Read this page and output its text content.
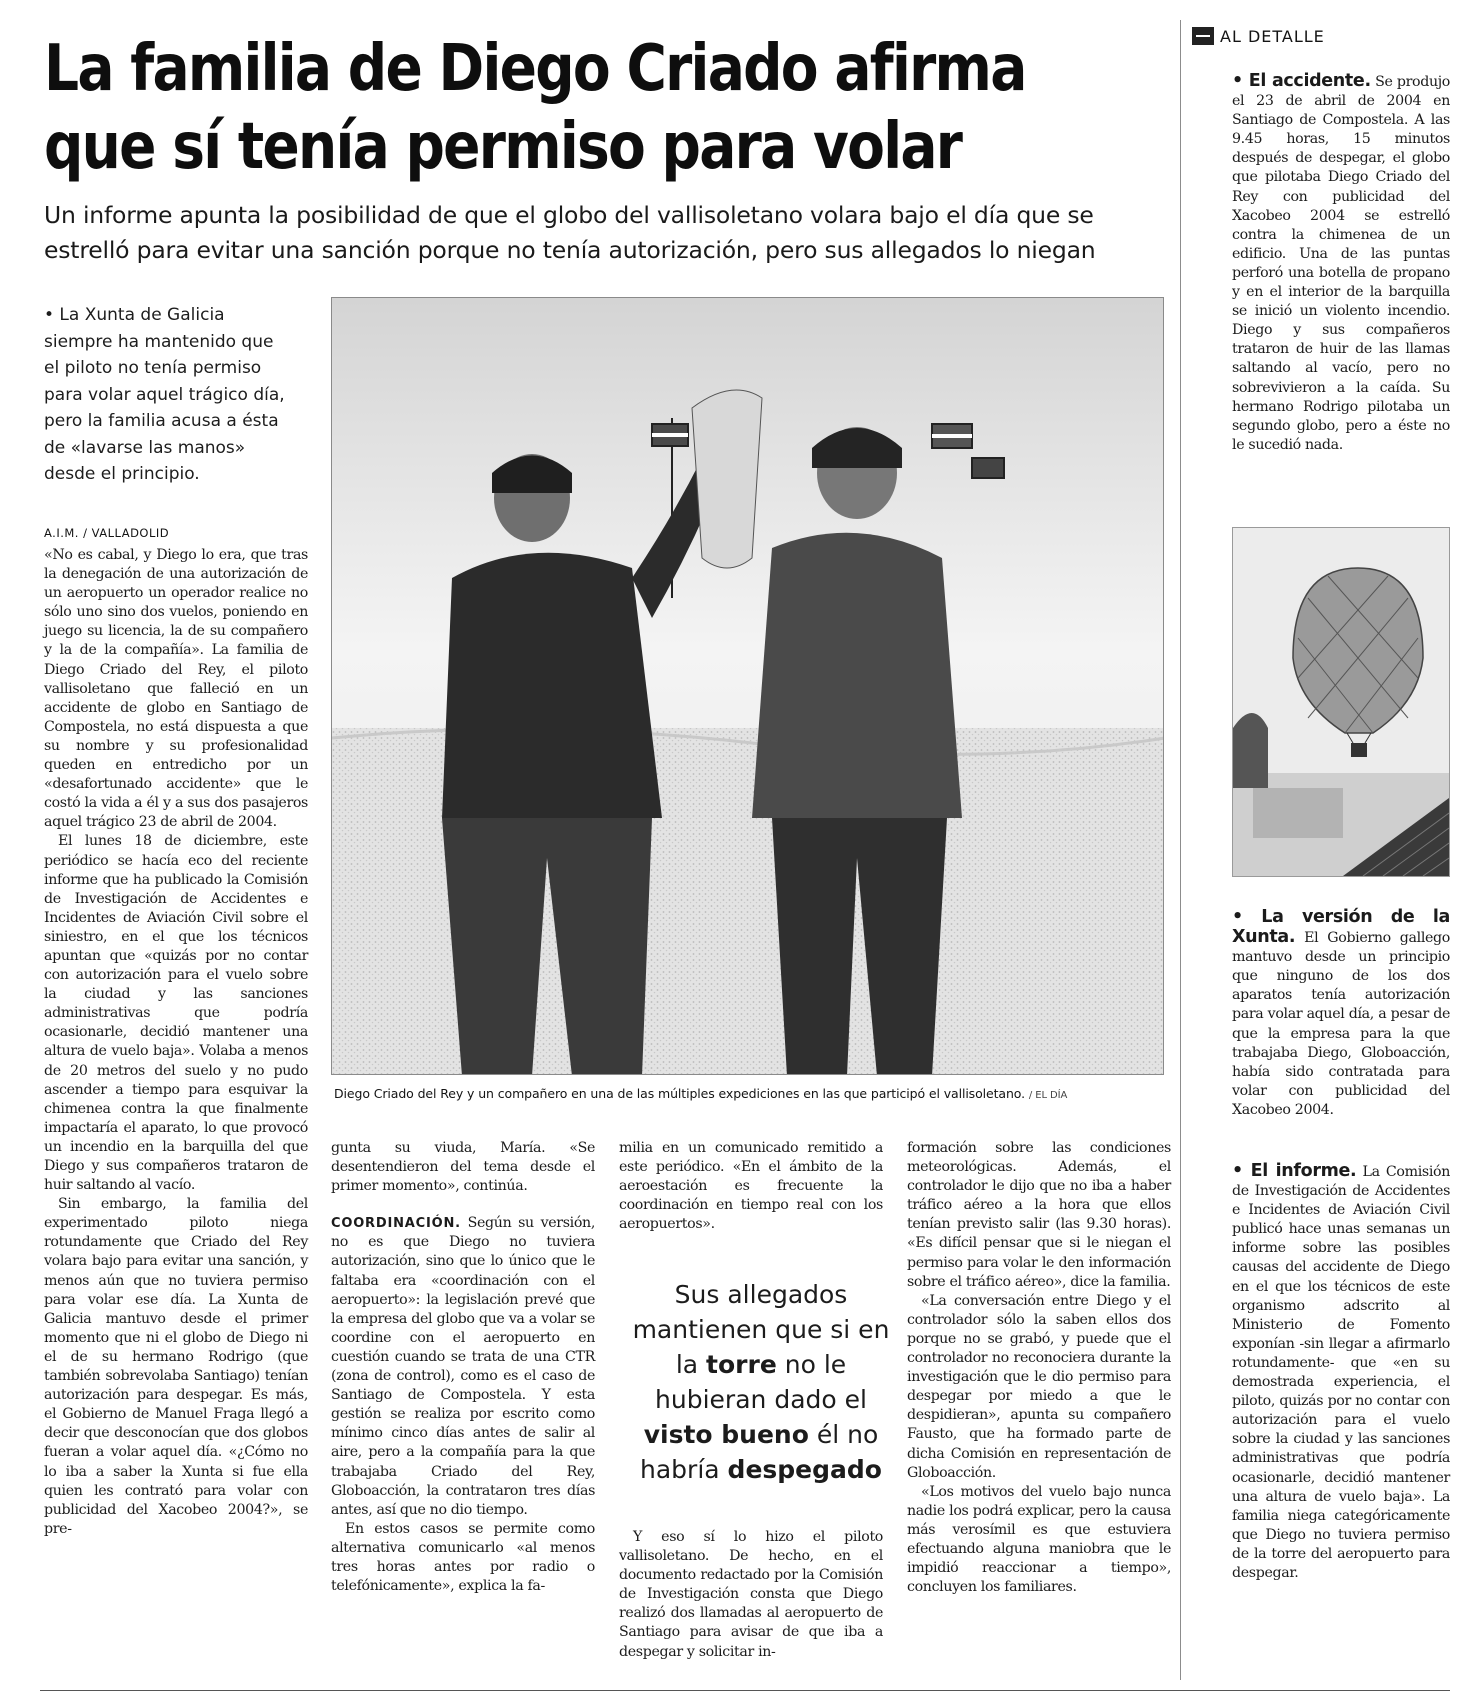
La familia de Diego Criado afirma que sí tenía permiso para volar

Un informe apunta la posibilidad de que el globo del vallisoletano volara bajo el día que se estrelló para evitar una sanción porque no tenía autorización, pero sus allegados lo niegan

• La Xunta de Galicia siempre ha mantenido que el piloto no tenía permiso para volar aquel trágico día, pero la familia acusa a ésta de «lavarse las manos» desde el principio.

A.I.M. / VALLADOLID

«No es cabal, y Diego lo era, que tras la denegación de una autorización de un aeropuerto un operador realice no sólo uno sino dos vuelos, poniendo en juego su licencia, la de su compañero y la de la compañía». La familia de Diego Criado del Rey, el piloto vallisoletano que falleció en un accidente de globo en Santiago de Compostela, no está dispuesta a que su nombre y su profesionalidad queden en entredicho por un «desafortunado accidente» que le costó la vida a él y a sus dos pasajeros aquel trágico 23 de abril de 2004.

El lunes 18 de diciembre, este periódico se hacía eco del reciente informe que ha publicado la Comisión de Investigación de Accidentes e Incidentes de Aviación Civil sobre el siniestro, en el que los técnicos apuntan que «quizás por no contar con autorización para el vuelo sobre la ciudad y las sanciones administrativas que podría ocasionarle, decidió mantener una altura de vuelo baja». Volaba a menos de 20 metros del suelo y no pudo ascender a tiempo para esquivar la chimenea contra la que finalmente impactaría el aparato, lo que provocó un incendio en la barquilla del que Diego y sus compañeros trataron de huir saltando al vacío.

Sin embargo, la familia del experimentado piloto niega rotundamente que Criado del Rey volara bajo para evitar una sanción, y menos aún que no tuviera permiso para volar ese día. La Xunta de Galicia mantuvo desde el primer momento que ni el globo de Diego ni el de su hermano Rodrigo (que también sobrevolaba Santiago) tenían autorización para despegar. Es más, el Gobierno de Manuel Fraga llegó a decir que desconocían que dos globos fueran a volar aquel día. «¿Cómo no lo iba a saber la Xunta si fue ella quien les contrató para volar con publicidad del Xacobeo 2004?», se pre-

Diego Criado del Rey y un compañero en una de las múltiples expediciones en las que participó el vallisoletano. / EL DÍA

gunta su viuda, María. «Se desentendieron del tema desde el primer momento», continúa.

COORDINACIÓN. Según su versión, no es que Diego no tuviera autorización, sino que lo único que le faltaba era «coordinación con el aeropuerto»: la legislación prevé que la empresa del globo que va a volar se coordine con el aeropuerto en cuestión cuando se trata de una CTR (zona de control), como es el caso de Santiago de Compostela. Y esta gestión se realiza por escrito como mínimo cinco días antes de salir al aire, pero a la compañía para la que trabajaba Criado del Rey, Globoacción, la contrataron tres días antes, así que no dio tiempo.

En estos casos se permite como alternativa comunicarlo «al menos tres horas antes por radio o telefónicamente», explica la fa-

milia en un comunicado remitido a este periódico. «En el ámbito de la aeroestación es frecuente la coordinación en tiempo real con los aeropuertos».

Sus allegados mantienen que si en la torre no le hubieran dado el visto bueno él no habría despegado

Y eso sí lo hizo el piloto vallisoletano. De hecho, en el documento redactado por la Comisión de Investigación consta que Diego realizó dos llamadas al aeropuerto de Santiago para avisar de que iba a despegar y solicitar in-

formación sobre las condiciones meteorológicas. Además, el controlador le dijo que no iba a haber tráfico aéreo a la hora que ellos tenían previsto salir (las 9.30 horas). «Es difícil pensar que si le niegan el permiso para volar le den información sobre el tráfico aéreo», dice la familia.

«La conversación entre Diego y el controlador sólo la saben ellos dos porque no se grabó, y puede que el controlador no reconociera durante la investigación que le dio permiso para despegar por miedo a que le despidieran», apunta su compañero Fausto, que ha formado parte de dicha Comisión en representación de Globoacción.

«Los motivos del vuelo bajo nunca nadie los podrá explicar, pero la causa más verosímil es que estuviera efectuando alguna maniobra que le impidió reaccionar a tiempo», concluyen los familiares.

AL DETALLE
• El accidente. Se produjo el 23 de abril de 2004 en Santiago de Compostela. A las 9.45 horas, 15 minutos después de despegar, el globo que pilotaba Diego Criado del Rey con publicidad del Xacobeo 2004 se estrelló contra la chimenea de un edificio. Una de las puntas perforó una botella de propano y en el interior de la barquilla se inició un violento incendio. Diego y sus compañeros trataron de huir de las llamas saltando al vacío, pero no sobrevivieron a la caída. Su hermano Rodrigo pilotaba un segundo globo, pero a éste no le sucedió nada.
• La versión de la Xunta. El Gobierno gallego mantuvo desde un principio que ninguno de los dos aparatos tenía autorización para volar aquel día, a pesar de que la empresa para la que trabajaba Diego, Globoacción, había sido contratada para volar con publicidad del Xacobeo 2004.
• El informe. La Comisión de Investigación de Accidentes e Incidentes de Aviación Civil publicó hace unas semanas un informe sobre las posibles causas del accidente de Diego en el que los técnicos de este organismo adscrito al Ministerio de Fomento exponían -sin llegar a afirmarlo rotundamente- que «en su demostrada experiencia, el piloto, quizás por no contar con autorización para el vuelo sobre la ciudad y las sanciones administrativas que podría ocasionarle, decidió mantener una altura de vuelo baja». La familia niega categóricamente que Diego no tuviera permiso de la torre del aeropuerto para despegar.
